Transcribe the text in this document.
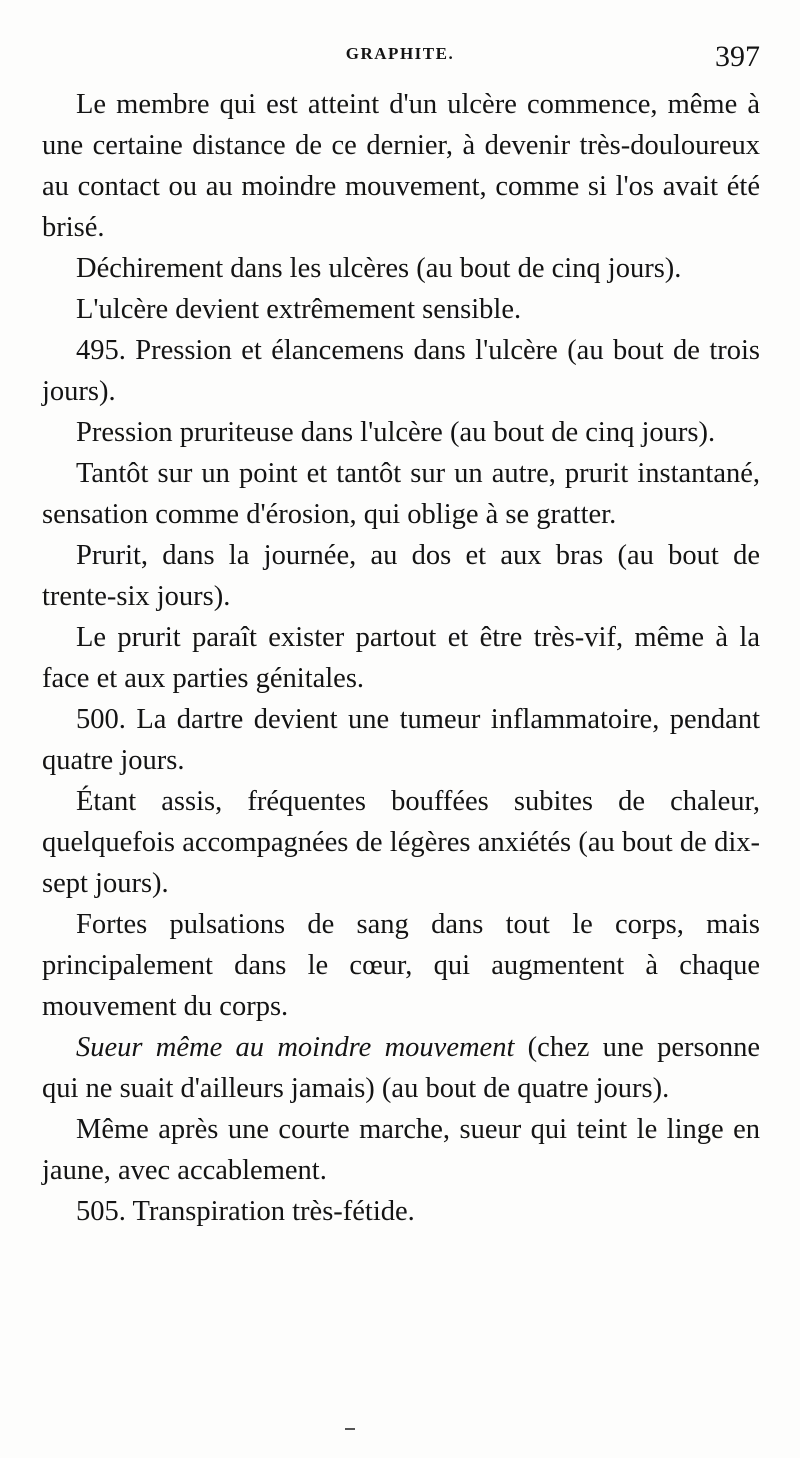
GRAPHITE.	397

Le membre qui est atteint d'un ulcère commence, même à une certaine distance de ce dernier, à devenir très-douloureux au contact ou au moindre mouvement, comme si l'os avait été brisé.

Déchirement dans les ulcères (au bout de cinq jours).

L'ulcère devient extrêmement sensible.

495. Pression et élancemens dans l'ulcère (au bout de trois jours).

Pression pruriteuse dans l'ulcère (au bout de cinq jours).

Tantôt sur un point et tantôt sur un autre, prurit instantané, sensation comme d'érosion, qui oblige à se gratter.

Prurit, dans la journée, au dos et aux bras (au bout de trente-six jours).

Le prurit paraît exister partout et être très-vif, même à la face et aux parties génitales.

500. La dartre devient une tumeur inflammatoire, pendant quatre jours.

Étant assis, fréquentes bouffées subites de chaleur, quelquefois accompagnées de légères anxiétés (au bout de dix-sept jours).

Fortes pulsations de sang dans tout le corps, mais principalement dans le cœur, qui augmentent à chaque mouvement du corps.

Sueur même au moindre mouvement (chez une personne qui ne suait d'ailleurs jamais) (au bout de quatre jours).

Même après une courte marche, sueur qui teint le linge en jaune, avec accablement.

505. Transpiration très-fétide.
